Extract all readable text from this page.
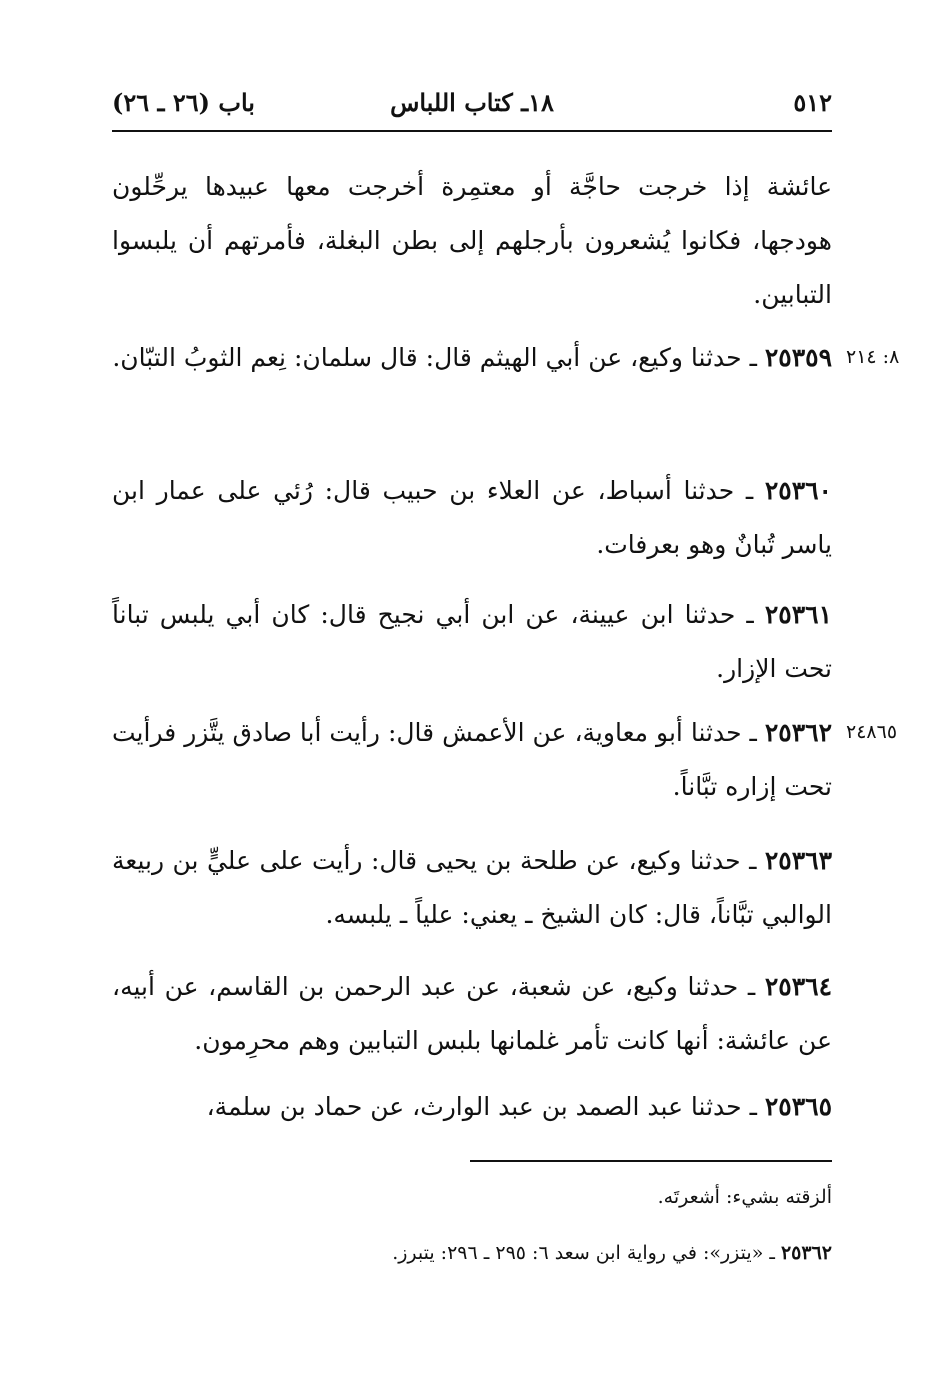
٥١٢
١٨ـ كتاب اللباس
باب (٢٦ ـ ٢٦)
عائشة إذا خرجت حاجَّة أو معتمِرة أخرجت معها عبيدها يرحِّلون هودجها، فكانوا يُشعرون بأرجلهم إلى بطن البغلة، فأمرتهم أن يلبسوا التبابين.
٨: ٢١٤
٢٥٣٥٩ ـ حدثنا وكيع، عن أبي الهيثم قال: قال سلمان: نِعم الثوبُ التبّان.
٢٥٣٦٠ ـ حدثنا أسباط، عن العلاء بن حبيب قال: رُئي على عمار ابن ياسر تُبانٌ وهو بعرفات.
٢٥٣٦١ ـ حدثنا ابن عيينة، عن ابن أبي نجيح قال: كان أبي يلبس تباناً تحت الإزار.
٢٤٨٦٥
٢٥٣٦٢ ـ حدثنا أبو معاوية، عن الأعمش قال: رأيت أبا صادق يتَّزر فرأيت تحت إزاره تبَّاناً.
٢٥٣٦٣ ـ حدثنا وكيع، عن طلحة بن يحيى قال: رأيت على عليٍّ بن ربيعة الوالبي تبَّاناً، قال: كان الشيخ ـ يعني: علياً ـ يلبسه.
٢٥٣٦٤ ـ حدثنا وكيع، عن شعبة، عن عبد الرحمن بن القاسم، عن أبيه، عن عائشة: أنها كانت تأمر غلمانها بلبس التبابين وهم محرِمون.
٢٥٣٦٥ ـ حدثنا عبد الصمد بن عبد الوارث، عن حماد بن سلمة،
ألزقته بشيء: أشعرتَه.
٢٥٣٦٢ ـ «يتزر»: في رواية ابن سعد ٦: ٢٩٥ ـ ٢٩٦: يتبرز.
